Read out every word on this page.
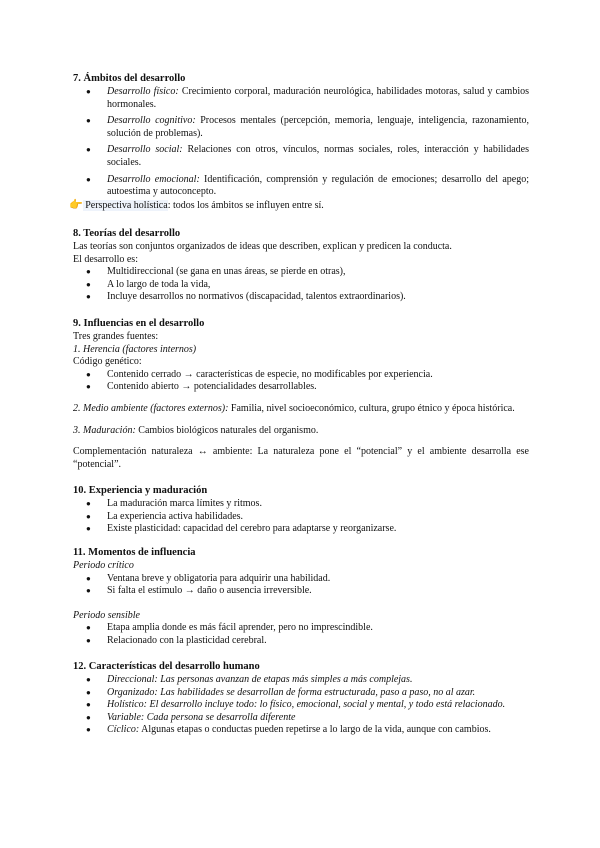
7. Ámbitos del desarrollo
● Desarrollo físico: Crecimiento corporal, maduración neurológica, habilidades motoras, salud y cambios hormonales.
● Desarrollo cognitivo: Procesos mentales (percepción, memoria, lenguaje, inteligencia, razonamiento, solución de problemas).
● Desarrollo social: Relaciones con otros, vínculos, normas sociales, roles, interacción y habilidades sociales.
● Desarrollo emocional: Identificación, comprensión y regulación de emociones; desarrollo del apego; autoestima y autoconcepto.

👉 Perspectiva holística: todos los ámbitos se influyen entre sí.

8. Teorías del desarrollo

Las teorías son conjuntos organizados de ideas que describen, explican y predicen la conducta.

El desarrollo es:

● Multidireccional (se gana en unas áreas, se pierde en otras),
● A lo largo de toda la vida,
● Incluye desarrollos no normativos (discapacidad, talentos extraordinarios).
9. Influencias en el desarrollo

Tres grandes fuentes:

1. Herencia (factores internos)

Código genético:

● Contenido cerrado → características de especie, no modificables por experiencia.
● Contenido abierto → potencialidades desarrollables.

2. Medio ambiente (factores externos): Familia, nivel socioeconómico, cultura, grupo étnico y época histórica.

3. Maduración: Cambios biológicos naturales del organismo.

Complementación naturaleza ↔ ambiente: La naturaleza pone el “potencial” y el ambiente desarrolla ese “potencial”.

10. Experiencia y maduración
● La maduración marca límites y ritmos.
● La experiencia activa habilidades.
● Existe plasticidad: capacidad del cerebro para adaptarse y reorganizarse.
11. Momentos de influencia

Periodo crítico

● Ventana breve y obligatoria para adquirir una habilidad.
● Si falta el estímulo → daño o ausencia irreversible.

Periodo sensible

● Etapa amplia donde es más fácil aprender, pero no imprescindible.
● Relacionado con la plasticidad cerebral.
12. Características del desarrollo humano
● Direccional: Las personas avanzan de etapas más simples a más complejas.
● Organizado: Las habilidades se desarrollan de forma estructurada, paso a paso, no al azar.
● Holístico: El desarrollo incluye todo: lo físico, emocional, social y mental, y todo está relacionado.
● Variable: Cada persona se desarrolla diferente
● Cíclico: Algunas etapas o conductas pueden repetirse a lo largo de la vida, aunque con cambios.
